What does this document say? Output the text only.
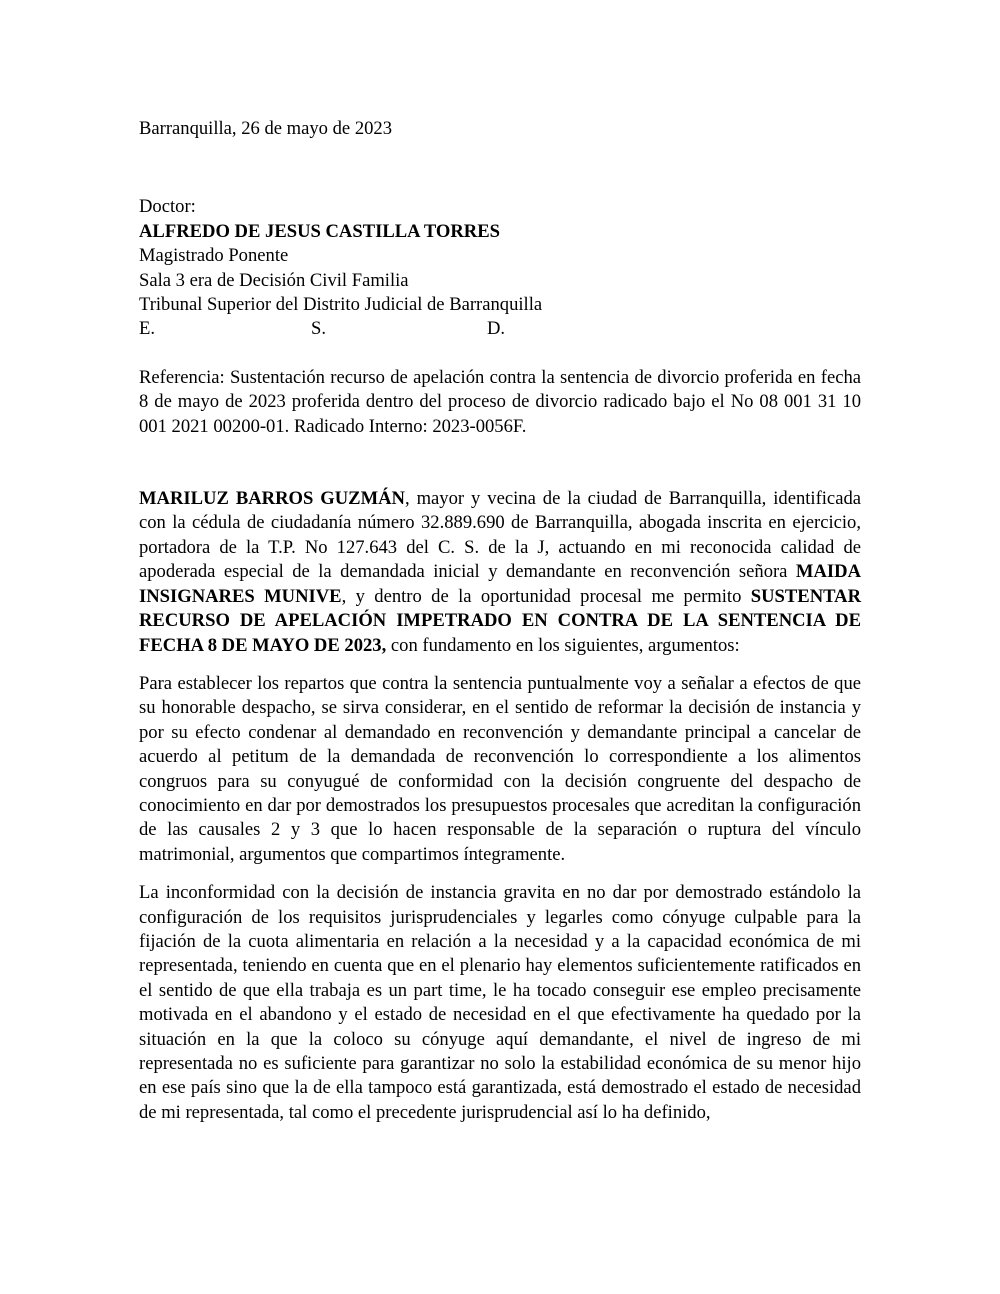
Barranquilla, 26 de mayo de 2023

Doctor:
ALFREDO DE JESUS CASTILLA TORRES
Magistrado Ponente
Sala 3 era de Decisión Civil Familia
Tribunal Superior del Distrito Judicial de Barranquilla
E.	S.	D.

Referencia: Sustentación recurso de apelación contra la sentencia de divorcio proferida en fecha 8 de mayo de 2023 proferida dentro del proceso de divorcio radicado bajo el No 08 001 31 10 001 2021 00200-01. Radicado Interno: 2023-0056F.

MARILUZ BARROS GUZMÁN, mayor y vecina de la ciudad de Barranquilla, identificada con la cédula de ciudadanía número 32.889.690 de Barranquilla, abogada inscrita en ejercicio, portadora de la T.P. No 127.643 del C. S. de la J, actuando en mi reconocida calidad de apoderada especial de la demandada inicial y demandante en reconvención señora MAIDA INSIGNARES MUNIVE, y dentro de la oportunidad procesal me permito SUSTENTAR RECURSO DE APELACIÓN IMPETRADO EN CONTRA DE LA SENTENCIA DE FECHA 8 DE MAYO DE 2023, con fundamento en los siguientes, argumentos:

Para establecer los repartos que contra la sentencia puntualmente voy a señalar a efectos de que su honorable despacho, se sirva considerar, en el sentido de reformar la decisión de instancia y por su efecto condenar al demandado en reconvención y demandante principal a cancelar de acuerdo al petitum de la demandada de reconvención lo correspondiente a los alimentos congruos para su conyugué de conformidad con la decisión congruente del despacho de conocimiento en dar por demostrados los presupuestos procesales que acreditan la configuración de las causales 2 y 3 que lo hacen responsable de la separación o ruptura del vínculo matrimonial, argumentos que compartimos íntegramente.

La inconformidad con la decisión de instancia gravita en no dar por demostrado estándolo la configuración de los requisitos jurisprudenciales y legarles como cónyuge culpable para la fijación de la cuota alimentaria en relación a la necesidad y a la capacidad económica de mi representada, teniendo en cuenta que en el plenario hay elementos suficientemente ratificados en el sentido de que ella trabaja es un part time, le ha tocado conseguir ese empleo precisamente motivada en el abandono y el estado de necesidad en el que efectivamente ha quedado por la situación en la que la coloco su cónyuge aquí demandante, el nivel de ingreso de mi representada no es suficiente para garantizar no solo la estabilidad económica de su menor hijo en ese país sino que la de ella tampoco está garantizada, está demostrado el estado de necesidad de mi representada, tal como el precedente jurisprudencial así lo ha definido,
